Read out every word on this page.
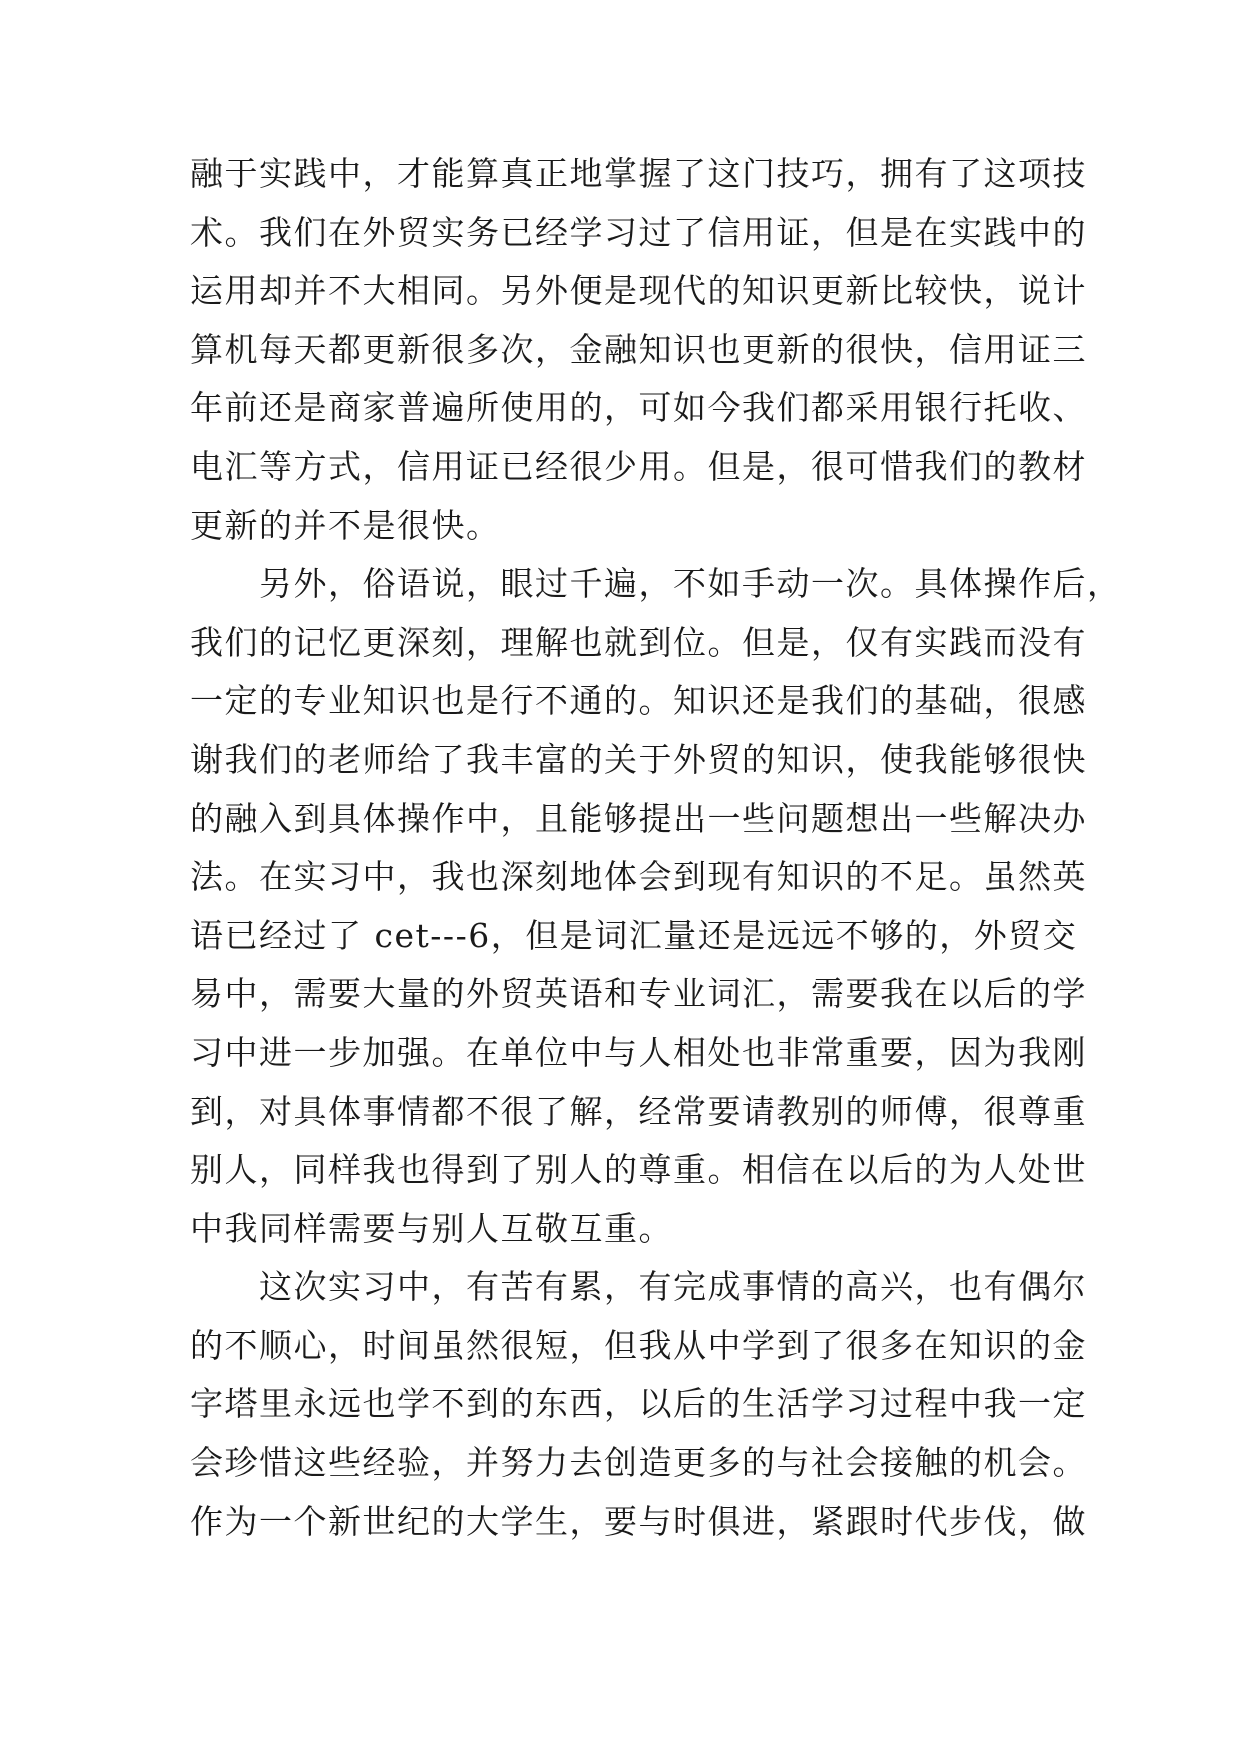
融于实践中，才能算真正地掌握了这门技巧，拥有了这项技
术。我们在外贸实务已经学习过了信用证，但是在实践中的
运用却并不大相同。另外便是现代的知识更新比较快，说计
算机每天都更新很多次，金融知识也更新的很快，信用证三
年前还是商家普遍所使用的，可如今我们都采用银行托收、
电汇等方式，信用证已经很少用。但是，很可惜我们的教材
更新的并不是很快。
　　另外，俗语说，眼过千遍，不如手动一次。具体操作后，
我们的记忆更深刻，理解也就到位。但是，仅有实践而没有
一定的专业知识也是行不通的。知识还是我们的基础，很感
谢我们的老师给了我丰富的关于外贸的知识，使我能够很快
的融入到具体操作中，且能够提出一些问题想出一些解决办
法。在实习中，我也深刻地体会到现有知识的不足。虽然英
语已经过了 cet---6，但是词汇量还是远远不够的，外贸交
易中，需要大量的外贸英语和专业词汇，需要我在以后的学
习中进一步加强。在单位中与人相处也非常重要，因为我刚
到，对具体事情都不很了解，经常要请教别的师傅，很尊重
别人，同样我也得到了别人的尊重。相信在以后的为人处世
中我同样需要与别人互敬互重。
　　这次实习中，有苦有累，有完成事情的高兴，也有偶尔
的不顺心，时间虽然很短，但我从中学到了很多在知识的金
字塔里永远也学不到的东西，以后的生活学习过程中我一定
会珍惜这些经验，并努力去创造更多的与社会接触的机会。
作为一个新世纪的大学生，要与时俱进，紧跟时代步伐，做
